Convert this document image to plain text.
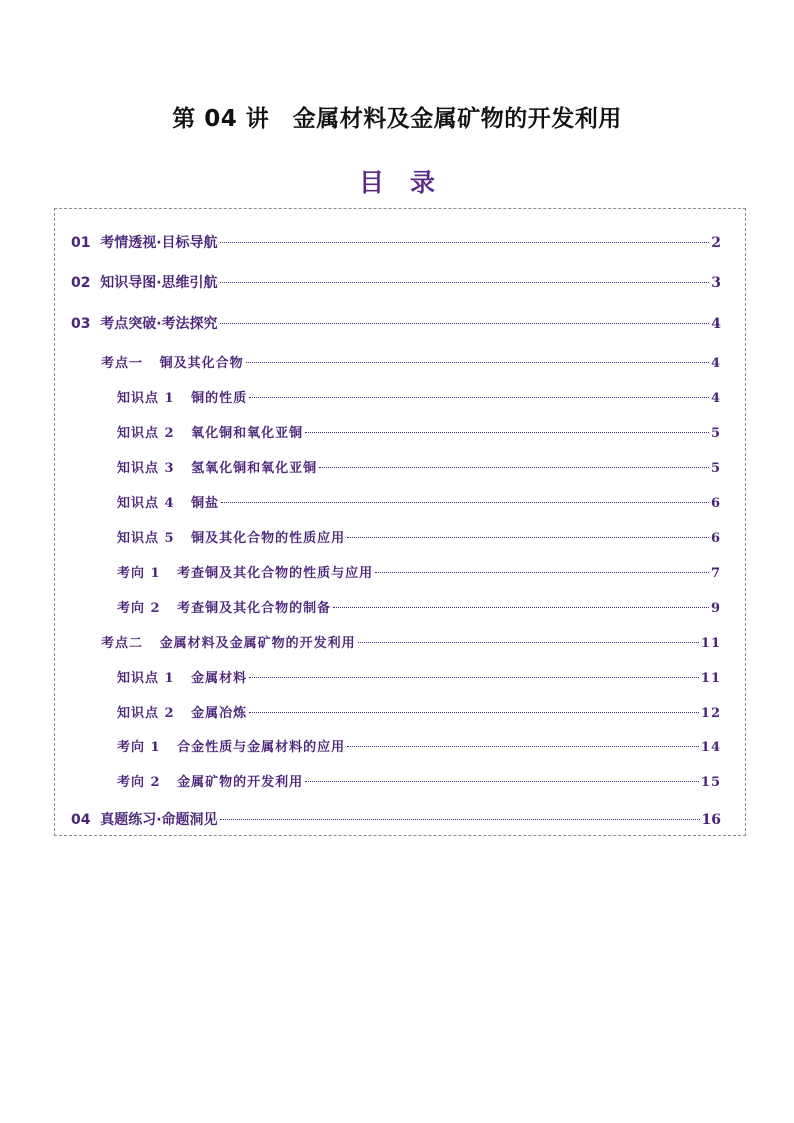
第 04 讲　金属材料及金属矿物的开发利用
目录
01  考情透视·目标导航	2
02  知识导图·思维引航	3
03  考点突破·考法探究	4
考点一   铜及其化合物	4
知识点 1   铜的性质	4
知识点 2   氧化铜和氧化亚铜	5
知识点 3   氢氧化铜和氧化亚铜	5
知识点 4   铜盐	6
知识点 5   铜及其化合物的性质应用	6
考向 1   考查铜及其化合物的性质与应用	7
考向 2   考查铜及其化合物的制备	9
考点二   金属材料及金属矿物的开发利用	11
知识点 1   金属材料	11
知识点 2   金属冶炼	12
考向 1   合金性质与金属材料的应用	14
考向 2   金属矿物的开发利用	15
04  真题练习·命题洞见	16
